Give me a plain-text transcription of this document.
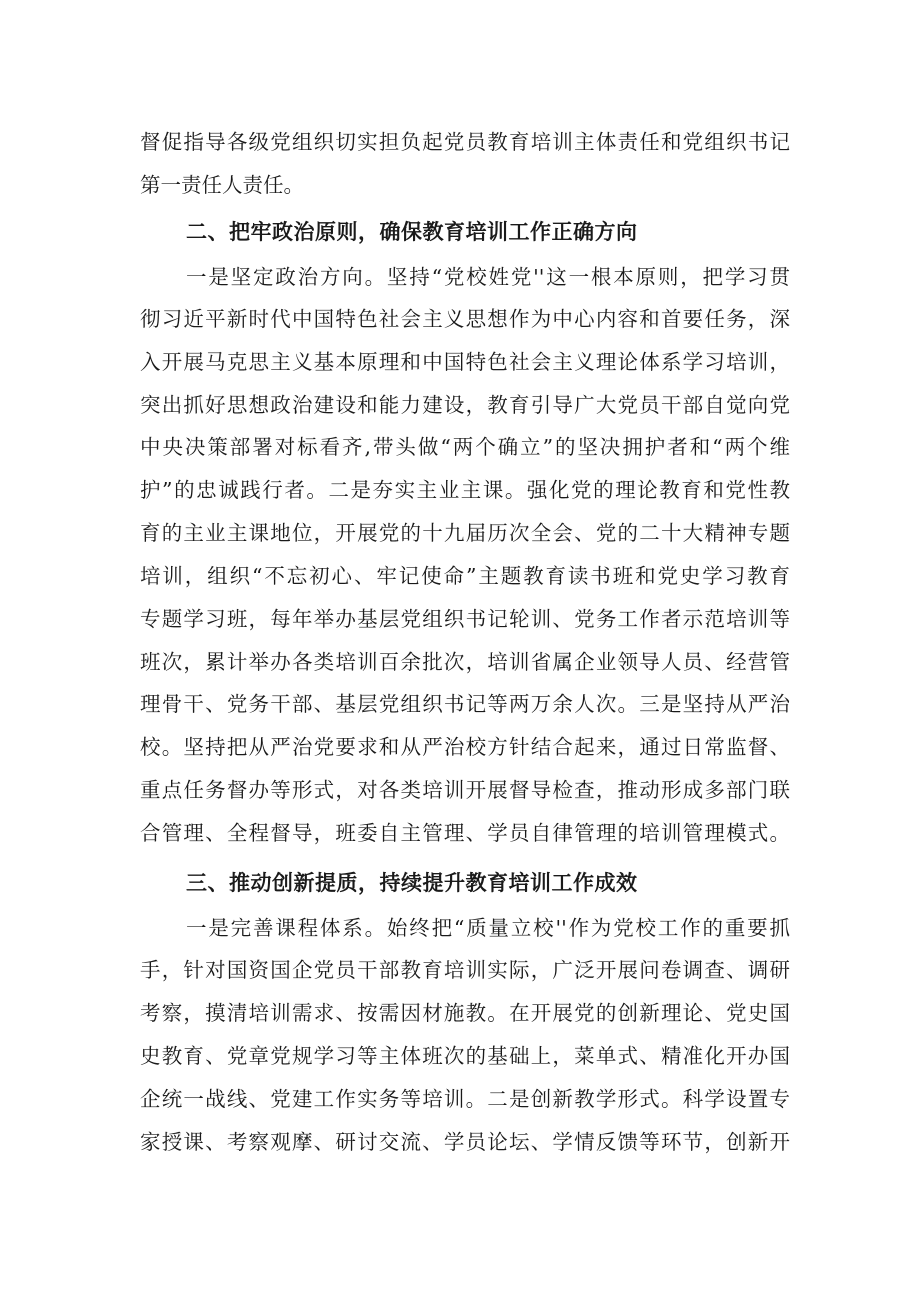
督促指导各级党组织切实担负起党员教育培训主体责任和党组织书记
第一责任人责任。
二、把牢政治原则，确保教育培训工作正确方向
一是坚定政治方向。坚持“党校姓党''这一根本原则，把学习贯
彻习近平新时代中国特色社会主义思想作为中心内容和首要任务，深
入开展马克思主义基本原理和中国特色社会主义理论体系学习培训，
突出抓好思想政治建设和能力建设，教育引导广大党员干部自觉向党
中央决策部署对标看齐,带头做“两个确立”的坚决拥护者和“两个维
护”的忠诚践行者。二是夯实主业主课。强化党的理论教育和党性教
育的主业主课地位，开展党的十九届历次全会、党的二十大精神专题
培训，组织“不忘初心、牢记使命”主题教育读书班和党史学习教育
专题学习班，每年举办基层党组织书记轮训、党务工作者示范培训等
班次，累计举办各类培训百余批次，培训省属企业领导人员、经营管
理骨干、党务干部、基层党组织书记等两万余人次。三是坚持从严治
校。坚持把从严治党要求和从严治校方针结合起来，通过日常监督、
重点任务督办等形式，对各类培训开展督导检查，推动形成多部门联
合管理、全程督导，班委自主管理、学员自律管理的培训管理模式。
三、推动创新提质，持续提升教育培训工作成效
一是完善课程体系。始终把“质量立校''作为党校工作的重要抓
手，针对国资国企党员干部教育培训实际，广泛开展问卷调查、调研
考察，摸清培训需求、按需因材施教。在开展党的创新理论、党史国
史教育、党章党规学习等主体班次的基础上，菜单式、精准化开办国
企统一战线、党建工作实务等培训。二是创新教学形式。科学设置专
家授课、考察观摩、研讨交流、学员论坛、学情反馈等环节，创新开
